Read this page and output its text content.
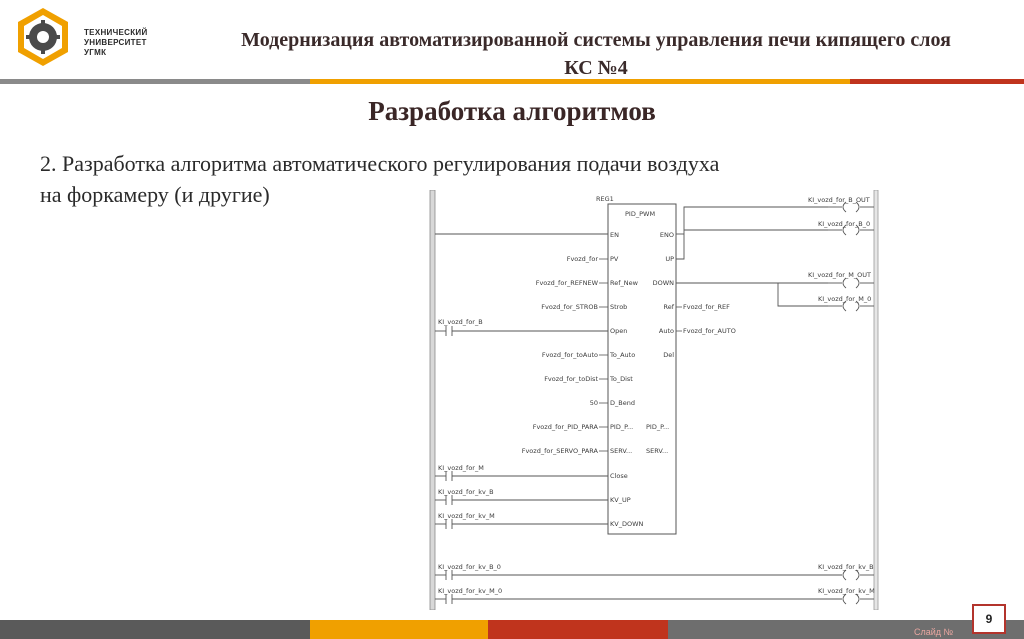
ТЕХНИЧЕСКИЙ
УНИВЕРСИТЕТ
УГМК
Модернизация автоматизированной системы управления печи кипящего слоя
КС №4
Разработка алгоритмов
2. Разработка алгоритма автоматического регулирования подачи воздуха
на форкамеру (и другие)	REG1
PID_PWM
EN
PV
Ref_New
Strob
Open
To_Auto
To_Dist
D_Bend
PID_P...
SERV...
Close
KV_UP
KV_DOWN
Fvozd_for
Fvozd_for_REFNEW
Fvozd_for_STROB
Fvozd_for_toAuto
Fvozd_for_toDist
50
Fvozd_for_PID_PARA
Fvozd_for_SERVO_PARA
PID_P...
SERV...
ENO
UP
DOWN
Ref
Auto
Del
Fvozd_for_REF
Fvozd_for_AUTO
KI_vozd_for_B_OUT
KI_vozd_for_B_0
KI_vozd_for_M_OUT
KI_vozd_for_M_0
KI_vozd_for_B
KI_vozd_for_M
KI_vozd_for_kv_B
KI_vozd_for_kv_M
KI_vozd_for_kv_B_0	KI_vozd_for_kv_B
KI_vozd_for_kv_M_0	KI_vozd_for_kv_M
Слайд №
9
